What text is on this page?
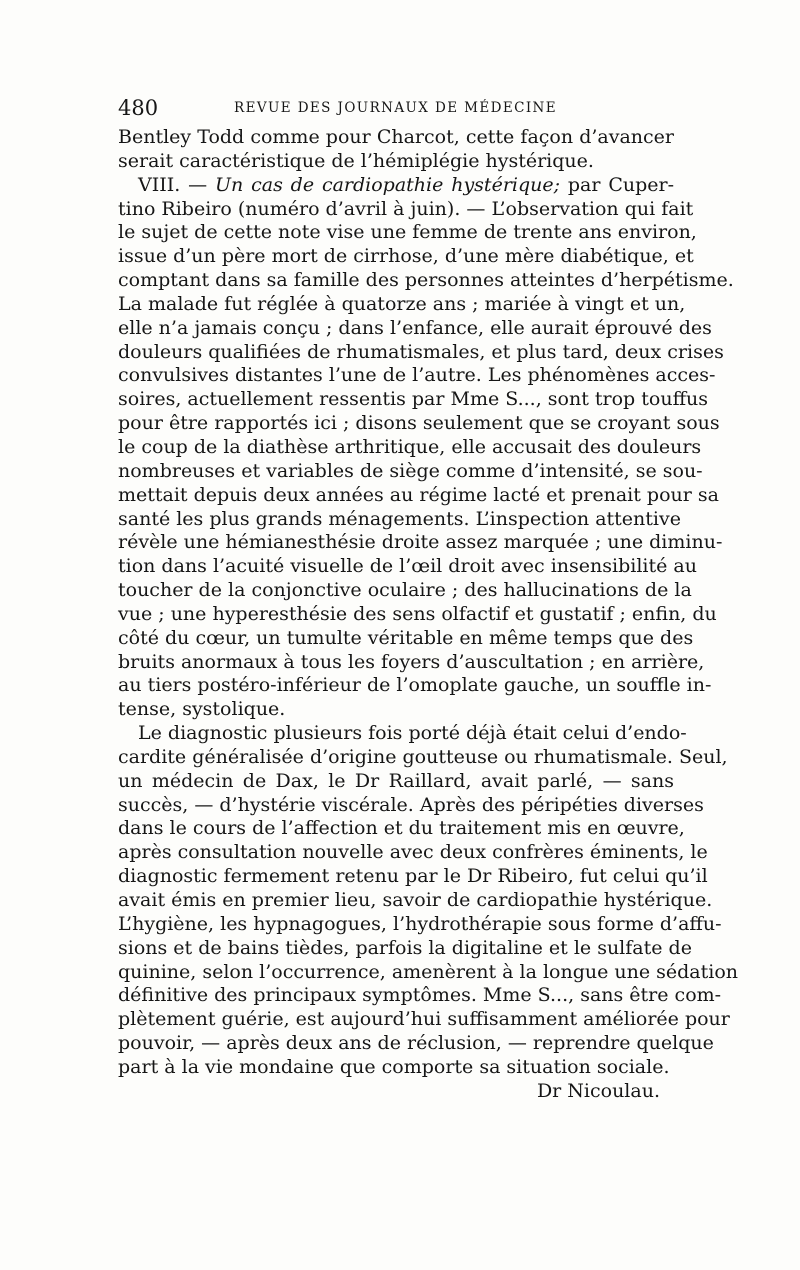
480	REVUE DES JOURNAUX DE MÉDECINE
Bentley Todd comme pour Charcot, cette façon d’avancer
serait caractéristique de l’hémiplégie hystérique.
VIII. — Un cas de cardiopathie hystérique; par Cuper-
tino Ribeiro (numéro d’avril à juin). — L’observation qui fait
le sujet de cette note vise une femme de trente ans environ,
issue d’un père mort de cirrhose, d’une mère diabétique, et
comptant dans sa famille des personnes atteintes d’herpétisme.
La malade fut réglée à quatorze ans ; mariée à vingt et un,
elle n’a jamais conçu ; dans l’enfance, elle aurait éprouvé des
douleurs qualifiées de rhumatismales, et plus tard, deux crises
convulsives distantes l’une de l’autre. Les phénomènes acces-
soires, actuellement ressentis par Mme S..., sont trop touffus
pour être rapportés ici ; disons seulement que se croyant sous
le coup de la diathèse arthritique, elle accusait des douleurs
nombreuses et variables de siège comme d’intensité, se sou-
mettait depuis deux années au régime lacté et prenait pour sa
santé les plus grands ménagements. L’inspection attentive
révèle une hémianesthésie droite assez marquée ; une diminu-
tion dans l’acuité visuelle de l’œil droit avec insensibilité au
toucher de la conjonctive oculaire ; des hallucinations de la
vue ; une hyperesthésie des sens olfactif et gustatif ; enfin, du
côté du cœur, un tumulte véritable en même temps que des
bruits anormaux à tous les foyers d’auscultation ; en arrière,
au tiers postéro-inférieur de l’omoplate gauche, un souffle in-
tense, systolique.
Le diagnostic plusieurs fois porté déjà était celui d’endo-
cardite généralisée d’origine goutteuse ou rhumatismale. Seul,
un médecin de Dax, le Dr Raillard, avait parlé, — sans
succès, — d’hystérie viscérale. Après des péripéties diverses
dans le cours de l’affection et du traitement mis en œuvre,
après consultation nouvelle avec deux confrères éminents, le
diagnostic fermement retenu par le Dr Ribeiro, fut celui qu’il
avait émis en premier lieu, savoir de cardiopathie hystérique.
L’hygiène, les hypnagogues, l’hydrothérapie sous forme d’affu-
sions et de bains tièdes, parfois la digitaline et le sulfate de
quinine, selon l’occurrence, amenèrent à la longue une sédation
définitive des principaux symptômes. Mme S..., sans être com-
plètement guérie, est aujourd’hui suffisamment améliorée pour
pouvoir, — après deux ans de réclusion, — reprendre quelque
part à la vie mondaine que comporte sa situation sociale.
Dr Nicoulau.
